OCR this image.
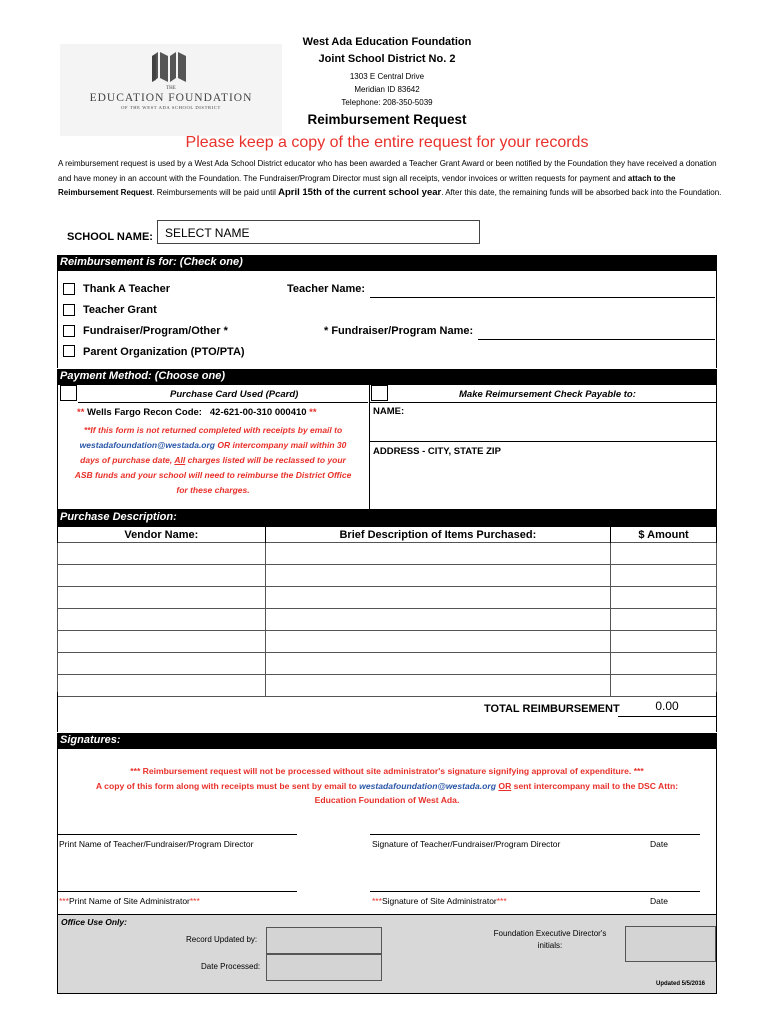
THE
EDUCATION FOUNDATION
OF THE WEST ADA SCHOOL DISTRICT
West Ada Education Foundation
Joint School District No. 2
1303 E Central Drive
Meridian ID 83642
Telephone: 208-350-5039
Reimbursement Request
Please keep a copy of the entire request for your records
A reimbursement request is used by a West Ada School District educator who has been awarded a Teacher Grant Award or been notified by the Foundation they have received a donation and have money in an account with the Foundation. The Fundraiser/Program Director must sign all receipts, vendor invoices or written requests for payment and attach to the Reimbursement Request. Reimbursements will be paid until April 15th of the current school year. After this date, the remaining funds will be absorbed back into the Foundation.
SCHOOL NAME:	SELECT NAME
Reimbursement is for: (Check one)
Thank A Teacher
Teacher Grant
Fundraiser/Program/Other *
Parent Organization (PTO/PTA)
Teacher Name:
* Fundraiser/Program Name:
Payment Method: (Choose one)
Purchase Card Used (Pcard)
** Wells Fargo Recon Code: 42-621-00-310 000410 **
**If this form is not returned completed with receipts by email to
westadafoundation@westada.org OR intercompany mail within 30
days of purchase date, All charges listed will be reclassed to your
ASB funds and your school will need to reimburse the District Office
for these charges.
Make Reimursement Check Payable to:
NAME:
ADDRESS - CITY, STATE ZIP
Purchase Description:
Vendor Name:	Brief Description of Items Purchased:	$ Amount

TOTAL REIMBURSEMENT	0.00
Signatures:
*** Reimbursement request will not be processed without site administrator's signature signifying approval of expenditure. ***
A copy of this form along with receipts must be sent by email to westadafoundation@westada.org OR sent intercompany mail to the DSC Attn:
Education Foundation of West Ada.
Print Name of Teacher/Fundraiser/Program Director	Signature of Teacher/Fundraiser/Program Director	Date
***Print Name of Site Administrator***	***Signature of Site Administrator***	Date
Office Use Only:
Record Updated by:
Date Processed:
Foundation Executive Director's
initials:
Updated 5/5/2016
